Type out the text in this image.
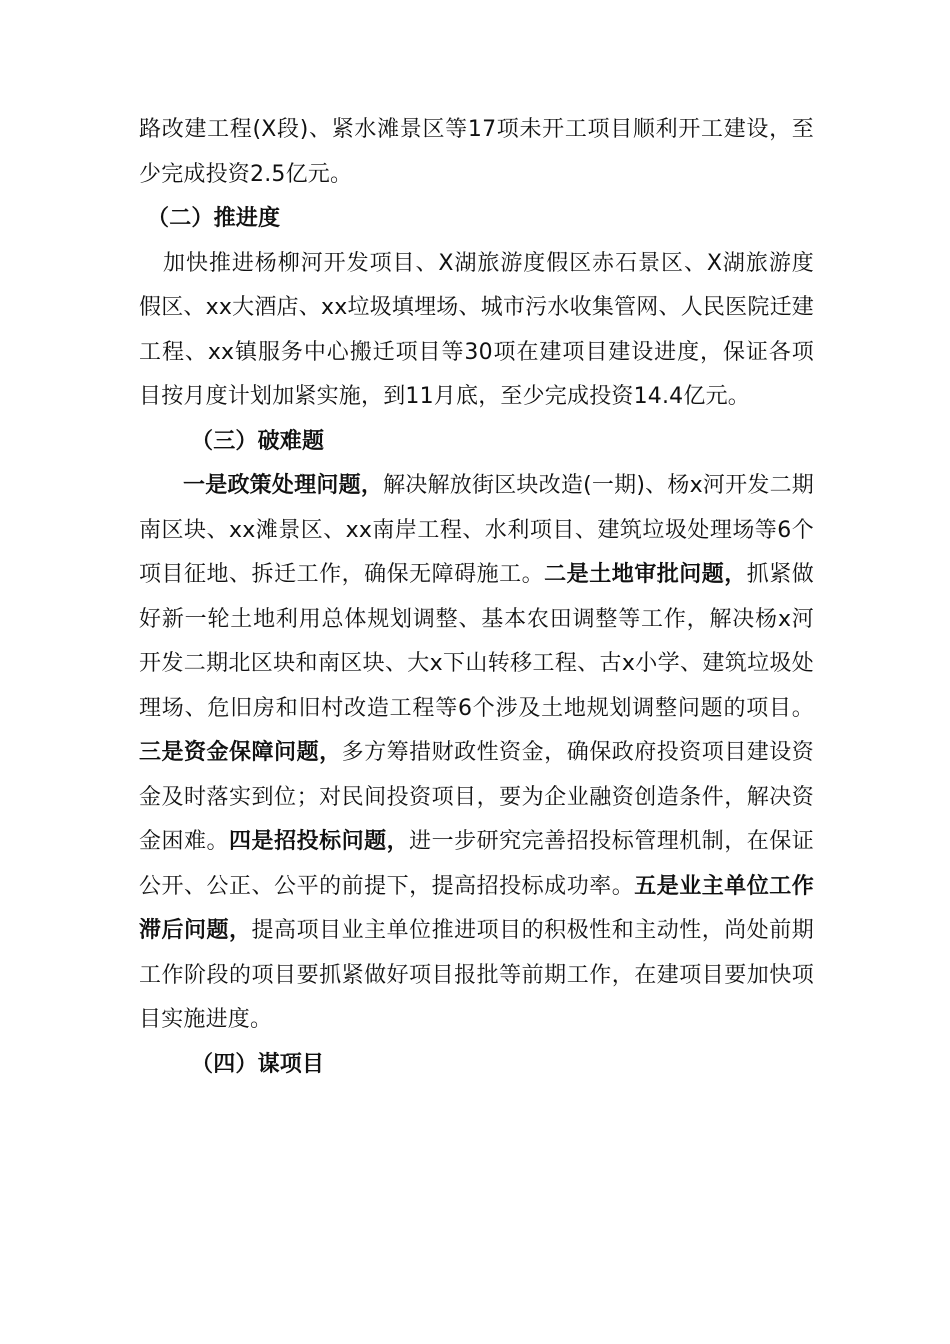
路改建工程(X段)、紧水滩景区等17项未开工项目顺利开工建设，至少完成投资2.5亿元。

（二）推进度

加快推进杨柳河开发项目、X湖旅游度假区赤石景区、X湖旅游度假区、xx大酒店、xx垃圾填埋场、城市污水收集管网、人民医院迁建工程、xx镇服务中心搬迁项目等30项在建项目建设进度，保证各项目按月度计划加紧实施，到11月底，至少完成投资14.4亿元。

（三）破难题

一是政策处理问题，解决解放街区块改造(一期)、杨x河开发二期南区块、xx滩景区、xx南岸工程、水利项目、建筑垃圾处理场等6个项目征地、拆迁工作，确保无障碍施工。二是土地审批问题，抓紧做好新一轮土地利用总体规划调整、基本农田调整等工作，解决杨x河开发二期北区块和南区块、大x下山转移工程、古x小学、建筑垃圾处理场、危旧房和旧村改造工程等6个涉及土地规划调整问题的项目。三是资金保障问题，多方筹措财政性资金，确保政府投资项目建设资金及时落实到位；对民间投资项目，要为企业融资创造条件，解决资金困难。四是招投标问题，进一步研究完善招投标管理机制，在保证公开、公正、公平的前提下，提高招投标成功率。五是业主单位工作滞后问题，提高项目业主单位推进项目的积极性和主动性，尚处前期工作阶段的项目要抓紧做好项目报批等前期工作，在建项目要加快项目实施进度。

（四）谋项目
